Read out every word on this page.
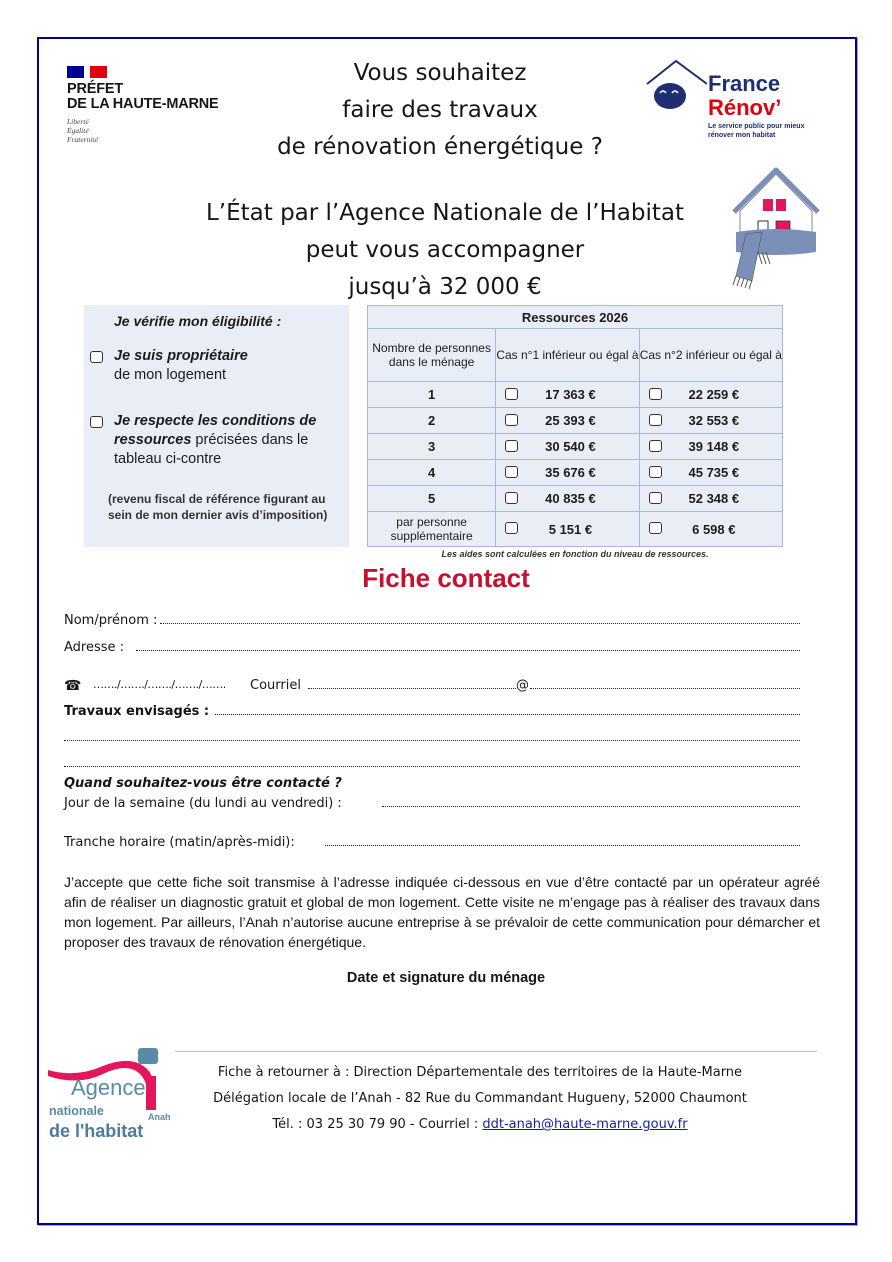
PRÉFET
DE LA HAUTE-MARNE
Liberté
Égalité
Fraternité
Vous souhaitez
faire des travaux
de rénovation énergétique ?
France
Rénov’
Le service public pour mieux
rénover mon habitat
L’État par l’Agence Nationale de l’Habitat
peut vous accompagner
jusqu’à 32 000 €
Je vérifie mon éligibilité :
Je suis propriétaire
de mon logement
Je respecte les conditions de ressources précisées dans le tableau ci-contre
(revenu fiscal de référence figurant au sein de mon dernier avis d’imposition)
Ressources 2026		
Nombre de personnes dans le ménage	Cas n°1 inférieur ou égal à	Cas n°2 inférieur ou égal à
1	17 363 €	22 259 €

2	25 393 €	32 553 €

3	30 540 €	39 148 €

4	35 676 €	45 735 €

5	40 835 €	52 348 €

par personne supplémentaire	5 151 €	6 598 €
Les aides sont calculées en fonction du niveau de ressources.
Fiche contact
Nom/prénom :
Adresse :
☎ ……./……./……./……./……. Courriel	@
Travaux envisagés :
Quand souhaitez-vous être contacté ?
Jour de la semaine (du lundi au vendredi) :
Tranche horaire (matin/après-midi):
J’accepte que cette fiche soit transmise à l’adresse indiquée ci-dessous en vue d’être contacté par un opérateur agréé afin de réaliser un diagnostic gratuit et global de mon logement. Cette visite ne m’engage pas à réaliser des travaux dans mon logement. Par ailleurs, l’Anah n’autorise aucune entreprise à se prévaloir de cette communication pour démarcher et proposer des travaux de rénovation énergétique.
Date et signature du ménage
Agence
nationale
de l'habitat
Anah
Fiche à retourner à : Direction Départementale des territoires de la Haute-Marne
Délégation locale de l’Anah - 82 Rue du Commandant Hugueny, 52000 Chaumont
Tél. : 03 25 30 79 90 - Courriel : ddt-anah@haute-marne.gouv.fr
